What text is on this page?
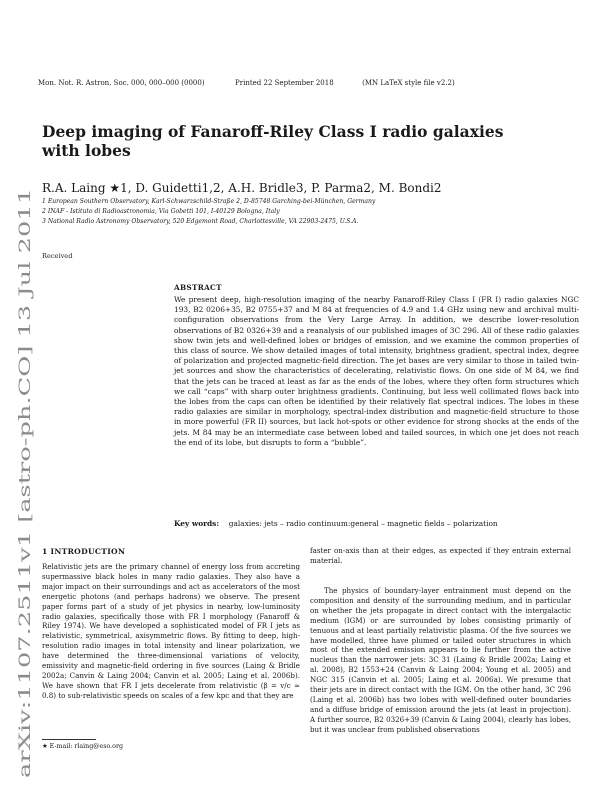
Mon. Not. R. Astron. Soc. 000, 000–000 (0000)	Printed 22 September 2018	(MN LaTeX style file v2.2)
arXiv:1107.2511v1 [astro-ph.CO] 13 Jul 2011
Deep imaging of Fanaroff-Riley Class I radio galaxies with lobes
R.A. Laing ★1, D. Guidetti1,2, A.H. Bridle3, P. Parma2, M. Bondi2
1 European Southern Observatory, Karl-Schwarzschild-Straße 2, D-85748 Garching-bei-München, Germany
2 INAF - Istituto di Radioastronomia, Via Gobetti 101, I-40129 Bologna, Italy
3 National Radio Astronomy Observatory, 520 Edgemont Road, Charlottesville, VA 22903-2475, U.S.A.
Received
ABSTRACT
We present deep, high-resolution imaging of the nearby Fanaroff-Riley Class I (FR I) radio galaxies NGC 193, B2 0206+35, B2 0755+37 and M 84 at frequencies of 4.9 and 1.4 GHz using new and archival multi-configuration observations from the Very Large Array. In addition, we describe lower-resolution observations of B2 0326+39 and a reanalysis of our published images of 3C 296. All of these radio galaxies show twin jets and well-defined lobes or bridges of emission, and we examine the common properties of this class of source. We show detailed images of total intensity, brightness gradient, spectral index, degree of polarization and projected magnetic-field direction. The jet bases are very similar to those in tailed twin-jet sources and show the characteristics of decelerating, relativistic flows. On one side of M 84, we find that the jets can be traced at least as far as the ends of the lobes, where they often form structures which we call “caps” with sharp outer brightness gradients. Continuing, but less well collimated flows back into the lobes from the caps can often be identified by their relatively flat spectral indices. The lobes in these radio galaxies are similar in morphology, spectral-index distribution and magnetic-field structure to those in more powerful (FR II) sources, but lack hot-spots or other evidence for strong shocks at the ends of the jets. M 84 may be an intermediate case between lobed and tailed sources, in which one jet does not reach the end of its lobe, but disrupts to form a “bubble”.
Key words: galaxies: jets – radio continuum:general – magnetic fields – polarization
1 INTRODUCTION
Relativistic jets are the primary channel of energy loss from accreting supermassive black holes in many radio galaxies. They also have a major impact on their surroundings and act as accelerators of the most energetic photons (and perhaps hadrons) we observe. The present paper forms part of a study of jet physics in nearby, low-luminosity radio galaxies, specifically those with FR I morphology (Fanaroff & Riley 1974). We have developed a sophisticated model of FR I jets as relativistic, symmetrical, axisymmetric flows. By fitting to deep, high-resolution radio images in total intensity and linear polarization, we have determined the three-dimensional variations of velocity, emissivity and magnetic-field ordering in five sources (Laing & Bridle 2002a; Canvin & Laing 2004; Canvin et al. 2005; Laing et al. 2006b). We have shown that FR I jets decelerate from relativistic (β = v/c ≈ 0.8) to sub-relativistic speeds on scales of a few kpc and that they are
faster on-axis than at their edges, as expected if they entrain external material.
The physics of boundary-layer entrainment must depend on the composition and density of the surrounding medium, and in particular on whether the jets propagate in direct contact with the intergalactic medium (IGM) or are surrounded by lobes consisting primarily of tenuous and at least partially relativistic plasma. Of the five sources we have modelled, three have plumed or tailed outer structures in which most of the extended emission appears to lie further from the active nucleus than the narrower jets: 3C 31 (Laing & Bridle 2002a; Laing et al. 2008), B2 1553+24 (Canvin & Laing 2004; Young et al. 2005) and NGC 315 (Canvin et al. 2005; Laing et al. 2006a). We presume that their jets are in direct contact with the IGM. On the other hand, 3C 296 (Laing et al. 2006b) has two lobes with well-defined outer boundaries and a diffuse bridge of emission around the jets (at least in projection). A further source, B2 0326+39 (Canvin & Laing 2004), clearly has lobes, but it was unclear from published observations
★ E-mail: rlaing@eso.org
